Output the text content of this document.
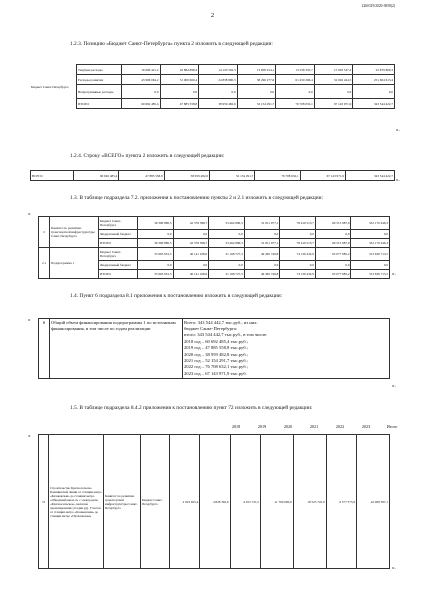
2260319/2020-3858(2)
2
1.2.3. Позицию «Бюджет Санкт-Петербурга» пункта 2 изложить в следующей редакции:
Бюджет Санкт-Петербурга	Текущие расходы	16 696 421,2	16 884 898,4	14 120 592,3	13 858 014,1	13 258 335,7	15 063 547,4	91 879 809,3
	Расходы развития	43 996 064,2	31 000 660,4	24 838 890,3	38 296 277,6	61 450 296,4	52 002 424,5	251 604 613,4
	Непрограммные расходы	0,0	0,0	0,0	0,0	0,0	0,0	0,0
	ИТОГО	60 692 485,4	47 885 558,8	38 959 482,6	52 154 291,7	76 708 632,1	67 143 971,9	343 544 422,7
».
1.2.4. Строку «ВСЕГО» пункта 2 изложить в следующей редакции:
ВСЕГО	60 692 485,4	47 885 558,8	38 959 482,6	52 154 291,7	76 708 632,1	67 143 971,9	343 544 422,7
».
1.3. В таблице подраздела 7.2. приложения к постановлению пункты 2 и 2.1 изложить в следующей редакции:
«
2	Комитет по развитию транспортной инфраструктуры Санкт-Петербурга	Бюджет Санкт-Петербурга	36 390 880,5	42 578 398,7	33 462 689,3	31 811 977,1	78 410 513,7	69 515 987,0	332 170 446,3
		Федеральный бюджет	0,0	0,0	0,0	0,0	0,0	0,0	0,0
		ИТОГО	36 390 880,5	42 578 398,7	33 462 689,3	31 811 977,1	78 410 513,7	69 515 987,0	332 170 446,3
2.1	Подпрограмма 1	Бюджет Санкт-Петербурга	35 663 652,5	40 141 168,6	31 168 727,3	49 465 746,8	74 139 432,9	65 077 985,2	313 636 713,5
		Федеральный бюджет	0,0	0,0	0,0	0,0	0,0	0,0	0,0
		ИТОГО	35 663 652,5	40 141 168,6	31 168 727,3	49 465 746,8	74 139 432,9	65 077 985,2	313 636 713,5 ».
1.4. Пункт 6 подраздела 8.1 приложения к постановлению изложить в следующей редакции:
«	6	Общий объем финансирования подпрограммы 1 по источникам финансирования, в том числе по годам реализации	
Всего: 343 544 442,7 тыс.руб., из них:
бюджет Санкт-Петербурга:
итого: 343 544 442,7 тыс.руб., в том числе:
2018 год – 60 692 485,4 тыс.руб.;
2019 год – 47 885 558,8 тыс.руб.;
2020 год – 38 959 482,8 тыс.руб.;
2021 год – 52 154 291,7 тыс.руб.;
2022 год – 76 708 632,1 тыс.руб.;
2023 год – 67 143 971,9 тыс.руб.
».
1.5. В таблице подраздела 8.4.2 приложения к постановлению пункт 72 изложить в следующей редакции:
2018	2019	2020	2021	2022	2023	Итого
«
72	Строительство Красносельско-Калининской линии от станции метро «Казаковская» до станции метро «Обводный канал-2» с электродепо «Красносельское», включая проектирование (стадии рд). Участок от станции метро «Казаковская» до станции метро «Путиловская»	Комитет по развитию транспортной инфраструктуры Санкт-Петербурга	Бюджет Санкт-Петербурга	2 923 925,4	4 828 392,6	4 455 747,2	11 700 000,0	18 523 745,9	6 577 575,9	42 008 387,1
».
